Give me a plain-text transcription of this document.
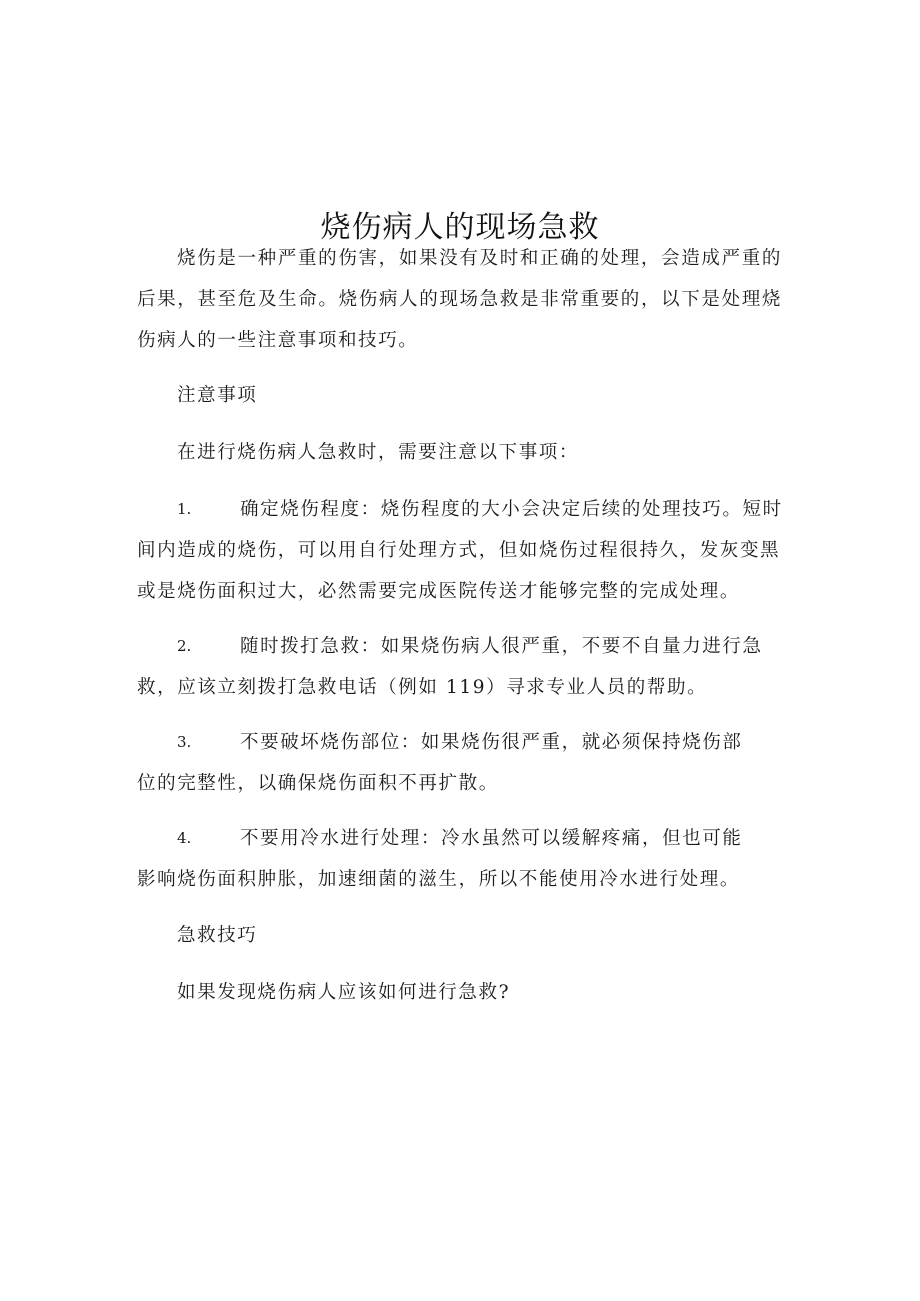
烧伤病人的现场急救

烧伤是一种严重的伤害，如果没有及时和正确的处理，会造成严重的后果，甚至危及生命。烧伤病人的现场急救是非常重要的，以下是处理烧伤病人的一些注意事项和技巧。

注意事项
在进行烧伤病人急救时，需要注意以下事项：
1.	确定烧伤程度：烧伤程度的大小会决定后续的处理技巧。短时
间内造成的烧伤，可以用自行处理方式，但如烧伤过程很持久，发灰变黑或是烧伤面积过大，必然需要完成医院传送才能够完整的完成处理。
2.	随时拨打急救：如果烧伤病人很严重，不要不自量力进行急
救，应该立刻拨打急救电话（例如 119）寻求专业人员的帮助。
3.	不要破坏烧伤部位：如果烧伤很严重，就必须保持烧伤部
位的完整性，以确保烧伤面积不再扩散。
4.	不要用冷水进行处理：冷水虽然可以缓解疼痛，但也可能
影响烧伤面积肿胀，加速细菌的滋生，所以不能使用冷水进行处理。
急救技巧
如果发现烧伤病人应该如何进行急救?
